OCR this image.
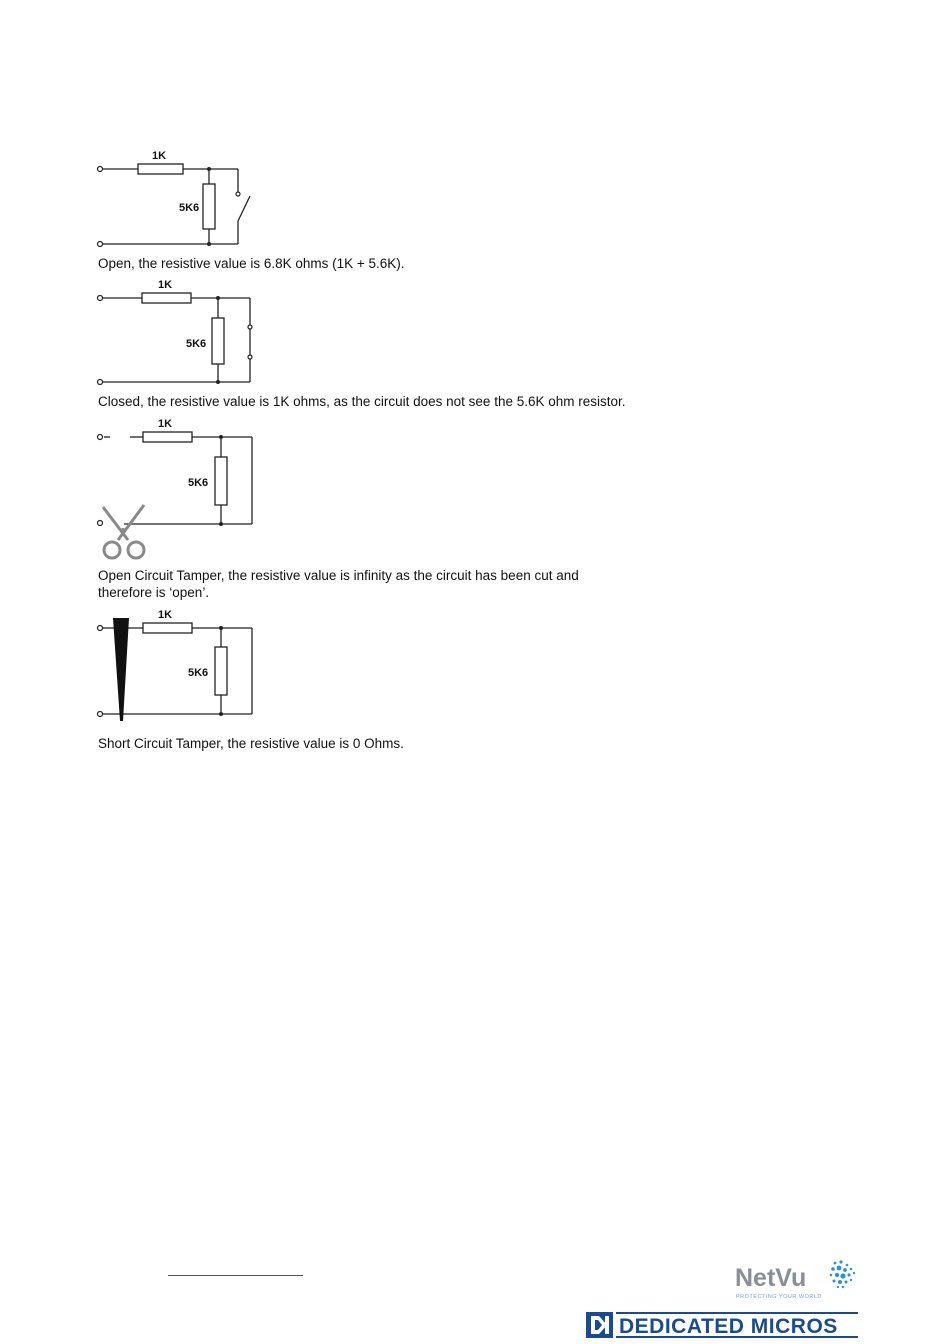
1K
5K6
Open, the resistive value is 6.8K ohms (1K + 5.6K).
1K
5K6
Closed, the resistive value is 1K ohms, as the circuit does not see the 5.6K ohm resistor.
1K
5K6
Open Circuit Tamper, the resistive value is infinity as the circuit has been cut and
therefore is ‘open’.
1K
5K6
Short Circuit Tamper, the resistive value is 0 Ohms.
NetVu
PROTECTING YOUR WORLD
DEDICATED MICROS
